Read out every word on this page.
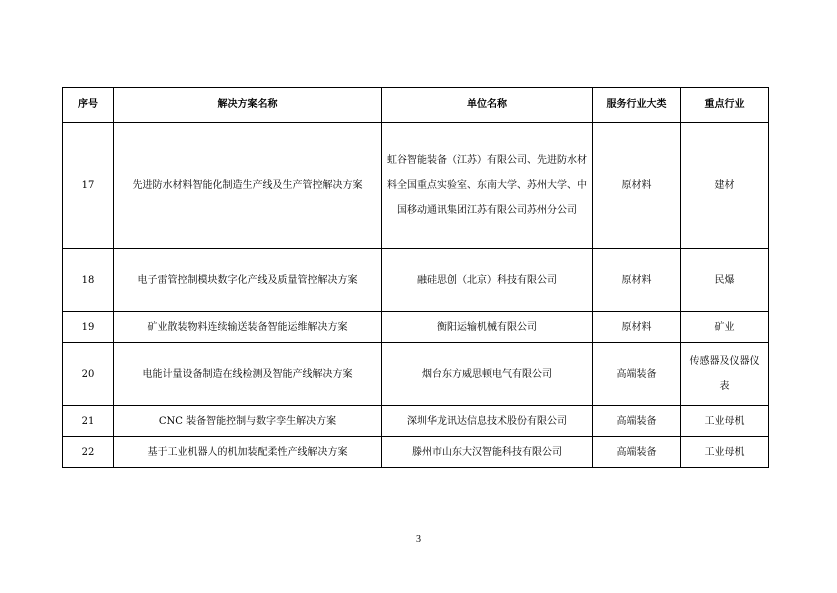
序号	解决方案名称	单位名称	服务行业大类	重点行业
17	先进防水材料智能化制造生产线及生产管控解决方案	虹谷智能装备（江苏）有限公司、先进防水材料全国重点实验室、东南大学、苏州大学、中国移动通讯集团江苏有限公司苏州分公司	原材料	建材
18	电子雷管控制模块数字化产线及质量管控解决方案	融硅思创（北京）科技有限公司	原材料	民爆
19	矿业散装物料连续输送装备智能运维解决方案	衡阳运输机械有限公司	原材料	矿业
20	电能计量设备制造在线检测及智能产线解决方案	烟台东方威思顿电气有限公司	高端装备	传感器及仪器仪表
21	CNC 装备智能控制与数字孪生解决方案	深圳华龙讯达信息技术股份有限公司	高端装备	工业母机
22	基于工业机器人的机加装配柔性产线解决方案	滕州市山东大汉智能科技有限公司	高端装备	工业母机
3
